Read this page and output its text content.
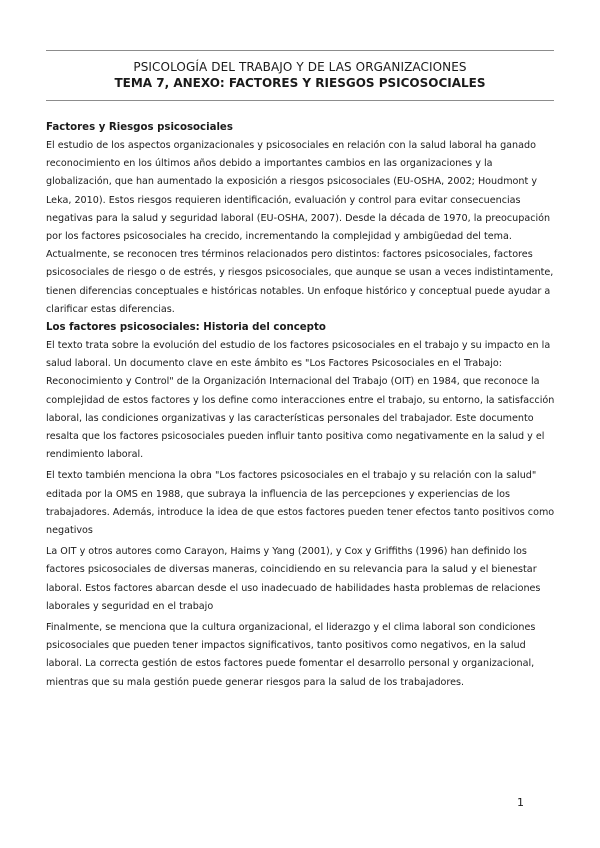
PSICOLOGÍA DEL TRABAJO Y DE LAS ORGANIZACIONES
TEMA 7, ANEXO: FACTORES Y RIESGOS PSICOSOCIALES
Factores y Riesgos psicosociales

El estudio de los aspectos organizacionales y psicosociales en relación con la salud laboral ha ganado reconocimiento en los últimos años debido a importantes cambios en las organizaciones y la globalización, que han aumentado la exposición a riesgos psicosociales (EU-OSHA, 2002; Houdmont y Leka, 2010). Estos riesgos requieren identificación, evaluación y control para evitar consecuencias negativas para la salud y seguridad laboral (EU-OSHA, 2007). Desde la década de 1970, la preocupación por los factores psicosociales ha crecido, incrementando la complejidad y ambigüedad del tema. Actualmente, se reconocen tres términos relacionados pero distintos: factores psicosociales, factores psicosociales de riesgo o de estrés, y riesgos psicosociales, que aunque se usan a veces indistintamente, tienen diferencias conceptuales e históricas notables. Un enfoque histórico y conceptual puede ayudar a clarificar estas diferencias.

Los factores psicosociales: Historia del concepto

El texto trata sobre la evolución del estudio de los factores psicosociales en el trabajo y su impacto en la salud laboral. Un documento clave en este ámbito es "Los Factores Psicosociales en el Trabajo: Reconocimiento y Control" de la Organización Internacional del Trabajo (OIT) en 1984, que reconoce la complejidad de estos factores y los define como interacciones entre el trabajo, su entorno, la satisfacción laboral, las condiciones organizativas y las características personales del trabajador. Este documento resalta que los factores psicosociales pueden influir tanto positiva como negativamente en la salud y el rendimiento laboral.

El texto también menciona la obra "Los factores psicosociales en el trabajo y su relación con la salud" editada por la OMS en 1988, que subraya la influencia de las percepciones y experiencias de los trabajadores. Además, introduce la idea de que estos factores pueden tener efectos tanto positivos como negativos

La OIT y otros autores como Carayon, Haims y Yang (2001), y Cox y Griffiths (1996) han definido los factores psicosociales de diversas maneras, coincidiendo en su relevancia para la salud y el bienestar laboral. Estos factores abarcan desde el uso inadecuado de habilidades hasta problemas de relaciones laborales y seguridad en el trabajo

Finalmente, se menciona que la cultura organizacional, el liderazgo y el clima laboral son condiciones psicosociales que pueden tener impactos significativos, tanto positivos como negativos, en la salud laboral. La correcta gestión de estos factores puede fomentar el desarrollo personal y organizacional, mientras que su mala gestión puede generar riesgos para la salud de los trabajadores.

1
